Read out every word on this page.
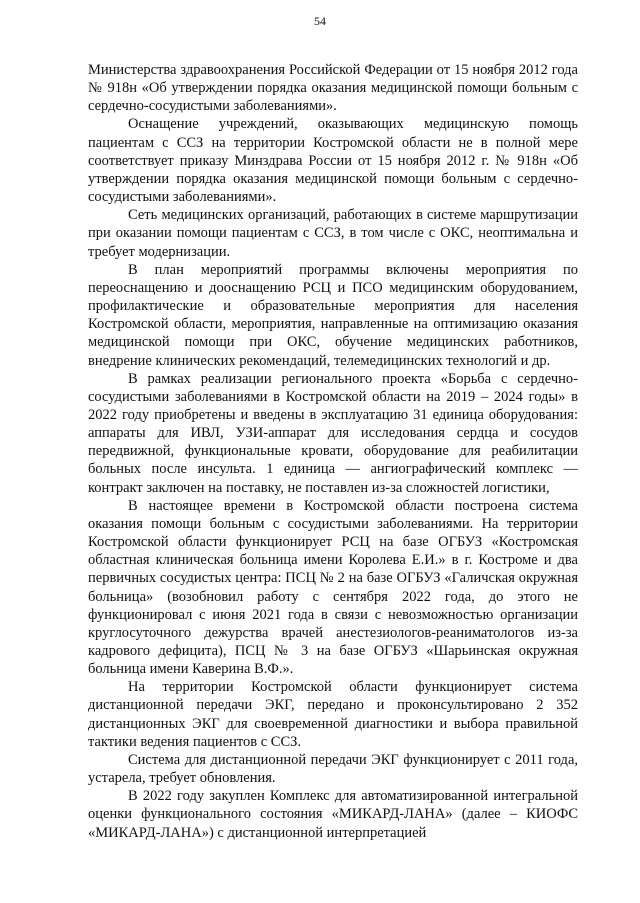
54

Министерства здравоохранения Российской Федерации от 15 ноября 2012 года № 918н «Об утверждении порядка оказания медицинской помощи больным с сердечно-сосудистыми заболеваниями».

Оснащение учреждений, оказывающих медицинскую помощь пациентам с ССЗ на территории Костромской области не в полной мере соответствует приказу Минздрава России от 15 ноября 2012 г. № 918н «Об утверждении порядка оказания медицинской помощи больным с сердечно-сосудистыми заболеваниями».

Сеть медицинских организаций, работающих в системе маршрутизации при оказании помощи пациентам с ССЗ, в том числе с ОКС, неоптимальна и требует модернизации.

В план мероприятий программы включены мероприятия по переоснащению и дооснащению РСЦ и ПСО медицинским оборудованием, профилактические и образовательные мероприятия для населения Костромской области, мероприятия, направленные на оптимизацию оказания медицинской помощи при ОКС, обучение медицинских работников, внедрение клинических рекомендаций, телемедицинских технологий и др.

В рамках реализации регионального проекта «Борьба с сердечно-сосудистыми заболеваниями в Костромской области на 2019 – 2024 годы» в 2022 году приобретены и введены в эксплуатацию 31 единица оборудования: аппараты для ИВЛ, УЗИ-аппарат для исследования сердца и сосудов передвижной, функциональные кровати, оборудование для реабилитации больных после инсульта. 1 единица — ангиографический комплекс — контракт заключен на поставку, не поставлен из-за сложностей логистики,

В настоящее времени в Костромской области построена система оказания помощи больным с сосудистыми заболеваниями. На территории Костромской области функционирует РСЦ на базе ОГБУЗ «Костромская областная клиническая больница имени Королева Е.И.» в г. Костроме и два первичных сосудистых центра: ПСЦ № 2 на базе ОГБУЗ «Галичская окружная больница» (возобновил работу с сентября 2022 года, до этого не функционировал с июня 2021 года в связи с невозможностью организации круглосуточного дежурства врачей анестезиологов-реаниматологов из-за кадрового дефицита), ПСЦ № 3 на базе ОГБУЗ «Шарьинская окружная больница имени Каверина В.Ф.».

На территории Костромской области функционирует система дистанционной передачи ЭКГ, передано и проконсультировано 2 352 дистанционных ЭКГ для своевременной диагностики и выбора правильной тактики ведения пациентов с ССЗ.

Система для дистанционной передачи ЭКГ функционирует с 2011 года, устарела, требует обновления.

В 2022 году закуплен Комплекс для автоматизированной интегральной оценки функционального состояния «МИКАРД-ЛАНА» (далее – КИОФС «МИКАРД-ЛАНА») с дистанционной интерпретацией
